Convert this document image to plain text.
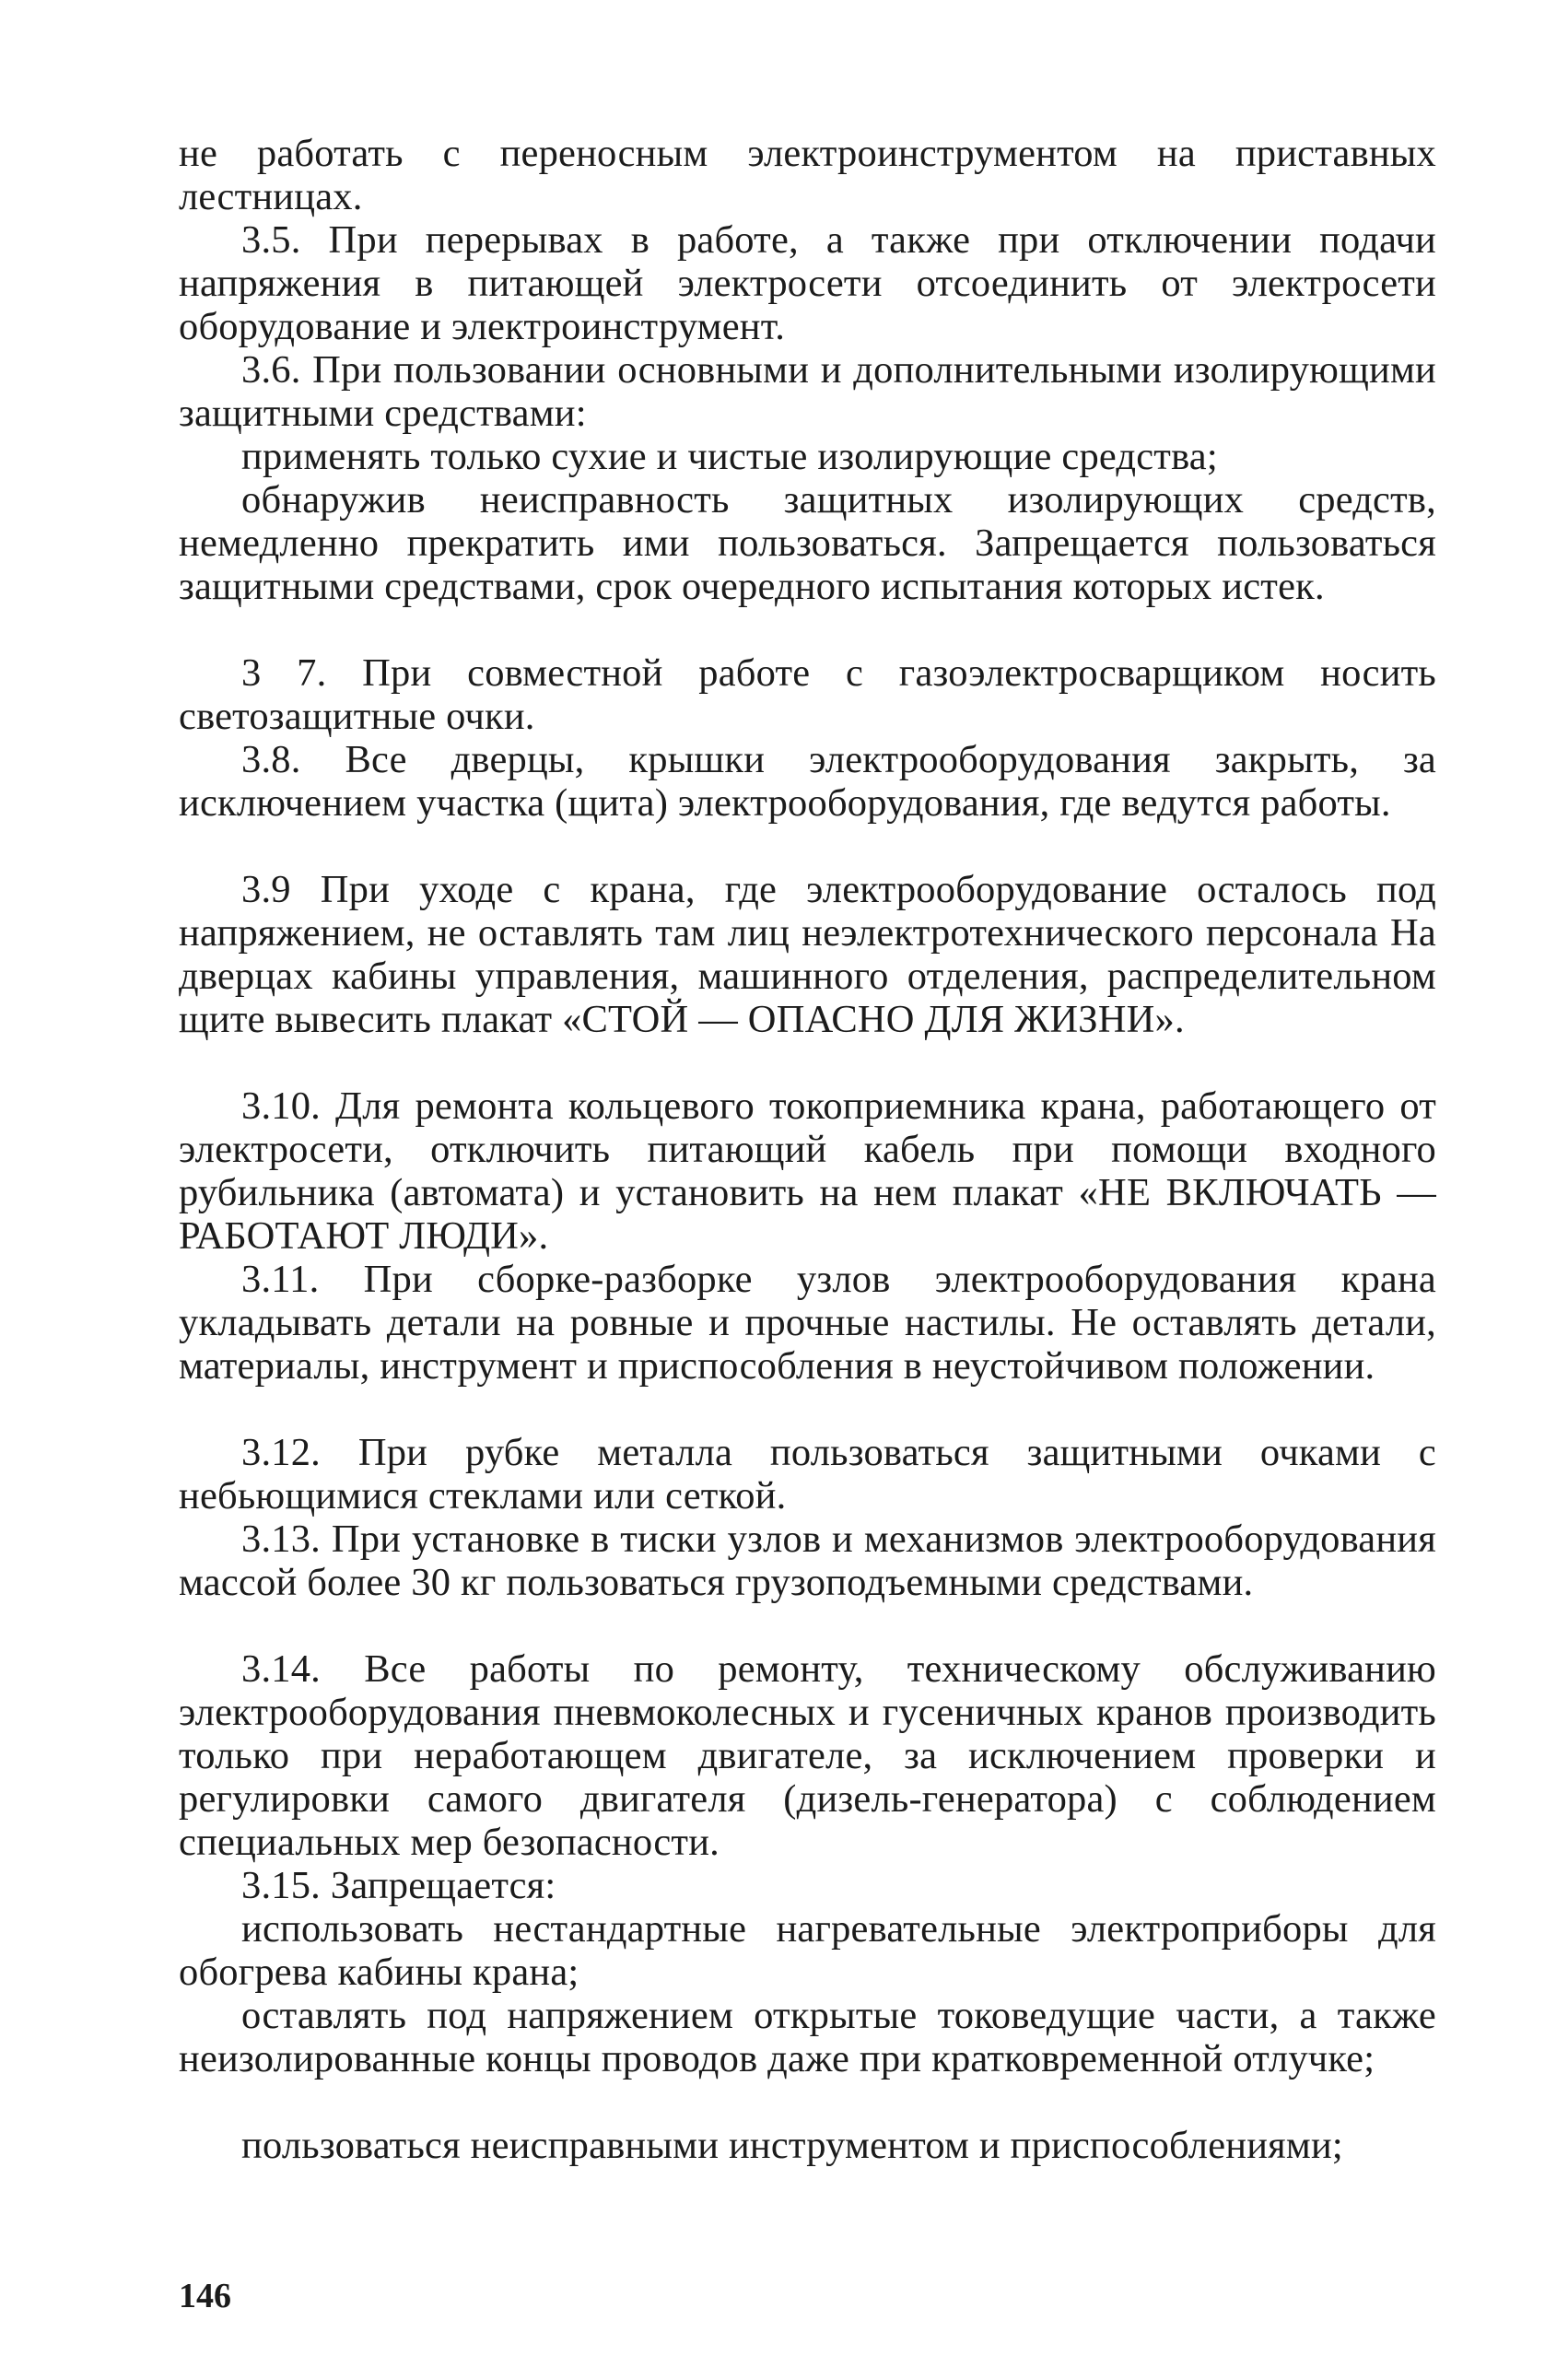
не работать с переносным электроинструментом на приставных лестницах.
3.5. При перерывах в работе, а также при отключении подачи напряжения в питающей электросети отсоединить от электросети оборудование и электроинструмент.
3.6. При пользовании основными и дополнительными изолирующими защитными средствами:
применять только сухие и чистые изолирующие средства;
обнаружив неисправность защитных изолирующих средств, немедленно прекратить ими пользоваться. Запрещается пользоваться защитными средствами, срок очередного испытания которых истек.
3 7. При совместной работе с газоэлектросварщиком носить светозащитные очки.
3.8. Все дверцы, крышки электрооборудования закрыть, за исключением участка (щита) электрооборудования, где ведутся работы.
3.9 При уходе с крана, где электрооборудование осталось под напряжением, не оставлять там лиц неэлектротехнического персонала На дверцах кабины управления, машинного отделения, распределительном щите вывесить плакат «СТОЙ — ОПАСНО ДЛЯ ЖИЗНИ».
3.10. Для ремонта кольцевого токоприемника крана, работающего от электросети, отключить питающий кабель при помощи входного рубильника (автомата) и установить на нем плакат «НЕ ВКЛЮЧАТЬ — РАБОТАЮТ ЛЮДИ».
3.11. При сборке-разборке узлов электрооборудования крана укладывать детали на ровные и прочные настилы. Не оставлять детали, материалы, инструмент и приспособления в неустойчивом положении.
3.12. При рубке металла пользоваться защитными очками с небьющимися стеклами или сеткой.
3.13. При установке в тиски узлов и механизмов электрооборудования массой более 30 кг пользоваться грузоподъемными средствами.
3.14. Все работы по ремонту, техническому обслуживанию электрооборудования пневмоколесных и гусеничных кранов производить только при неработающем двигателе, за исключением проверки и регулировки самого двигателя (дизель-генератора) с соблюдением специальных мер безопасности.
3.15. Запрещается:
использовать нестандартные нагревательные электроприборы для обогрева кабины крана;
оставлять под напряжением открытые токоведущие части, а также неизолированные концы проводов даже при кратковременной отлучке;
пользоваться неисправными инструментом и приспособлениями;
146
